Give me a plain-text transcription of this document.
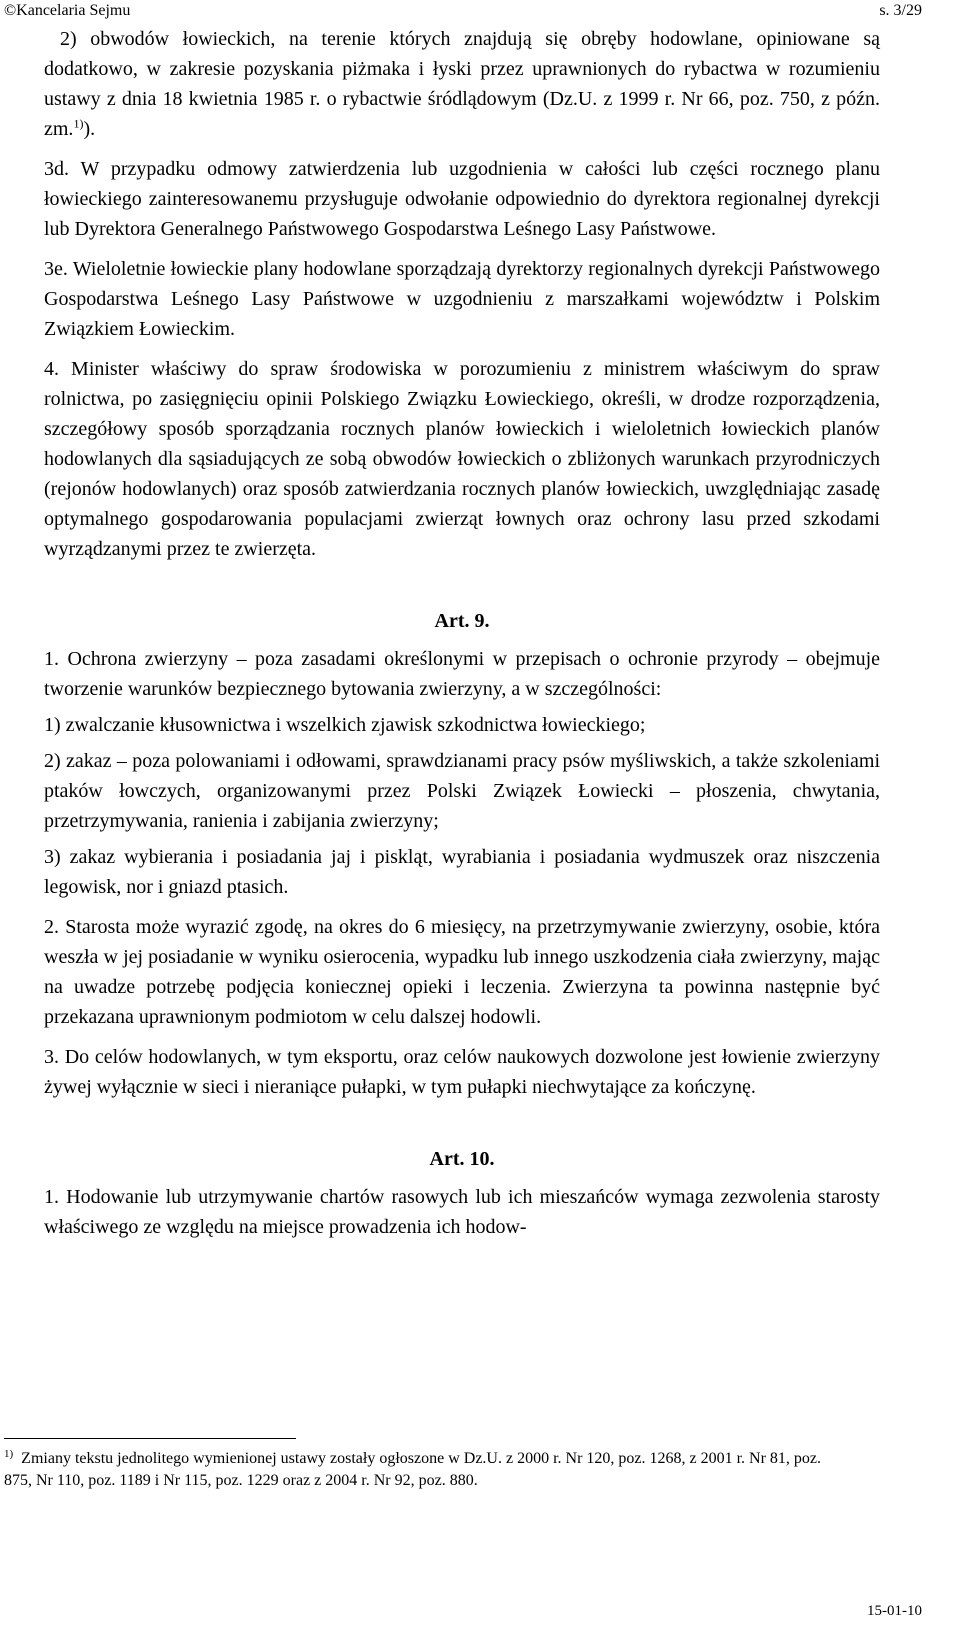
©Kancelaria Sejmu	s. 3/29

2) obwodów łowieckich, na terenie których znajdują się obręby hodowlane, opiniowane są dodatkowo, w zakresie pozyskania piżmaka i łyski przez uprawnionych do rybactwa w rozumieniu ustawy z dnia 18 kwietnia 1985 r. o rybactwie śródlądowym (Dz.U. z 1999 r. Nr 66, poz. 750, z późn. zm.$^{1)}$).

3d. W przypadku odmowy zatwierdzenia lub uzgodnienia w całości lub części rocznego planu łowieckiego zainteresowanemu przysługuje odwołanie odpowiednio do dyrektora regionalnej dyrekcji lub Dyrektora Generalnego Państwowego Gospodarstwa Leśnego Lasy Państwowe.

3e. Wieloletnie łowieckie plany hodowlane sporządzają dyrektorzy regionalnych dyrekcji Państwowego Gospodarstwa Leśnego Lasy Państwowe w uzgodnieniu z marszałkami województw i Polskim Związkiem Łowieckim.

4. Minister właściwy do spraw środowiska w porozumieniu z ministrem właściwym do spraw rolnictwa, po zasięgnięciu opinii Polskiego Związku Łowieckiego, określi, w drodze rozporządzenia, szczegółowy sposób sporządzania rocznych planów łowieckich i wieloletnich łowieckich planów hodowlanych dla sąsiadujących ze sobą obwodów łowieckich o zbliżonych warunkach przyrodniczych (rejonów hodowlanych) oraz sposób zatwierdzania rocznych planów łowieckich, uwzględniając zasadę optymalnego gospodarowania populacjami zwierząt łownych oraz ochrony lasu przed szkodami wyrządzanymi przez te zwierzęta.

Art. 9.

1. Ochrona zwierzyny – poza zasadami określonymi w przepisach o ochronie przyrody – obejmuje tworzenie warunków bezpiecznego bytowania zwierzyny, a w szczególności:

1) zwalczanie kłusownictwa i wszelkich zjawisk szkodnictwa łowieckiego;

2) zakaz – poza polowaniami i odłowami, sprawdzianami pracy psów myśliwskich, a także szkoleniami ptaków łowczych, organizowanymi przez Polski Związek Łowiecki – płoszenia, chwytania, przetrzymywania, ranienia i zabijania zwierzyny;

3) zakaz wybierania i posiadania jaj i piskląt, wyrabiania i posiadania wydmuszek oraz niszczenia legowisk, nor i gniazd ptasich.

2. Starosta może wyrazić zgodę, na okres do 6 miesięcy, na przetrzymywanie zwierzyny, osobie, która weszła w jej posiadanie w wyniku osierocenia, wypadku lub innego uszkodzenia ciała zwierzyny, mając na uwadze potrzebę podjęcia koniecznej opieki i leczenia. Zwierzyna ta powinna następnie być przekazana uprawnionym podmiotom w celu dalszej hodowli.

3. Do celów hodowlanych, w tym eksportu, oraz celów naukowych dozwolone jest łowienie zwierzyny żywej wyłącznie w sieci i nieraniące pułapki, w tym pułapki niechwytające za kończynę.

Art. 10.

1. Hodowanie lub utrzymywanie chartów rasowych lub ich mieszańców wymaga zezwolenia starosty właściwego ze względu na miejsce prowadzenia ich hodow-

$^{1)}$ Zmiany tekstu jednolitego wymienionej ustawy zostały ogłoszone w Dz.U. z 2000 r. Nr 120, poz. 1268, z 2001 r. Nr 81, poz. 875, Nr 110, poz. 1189 i Nr 115, poz. 1229 oraz z 2004 r. Nr 92, poz. 880.
15-01-10
